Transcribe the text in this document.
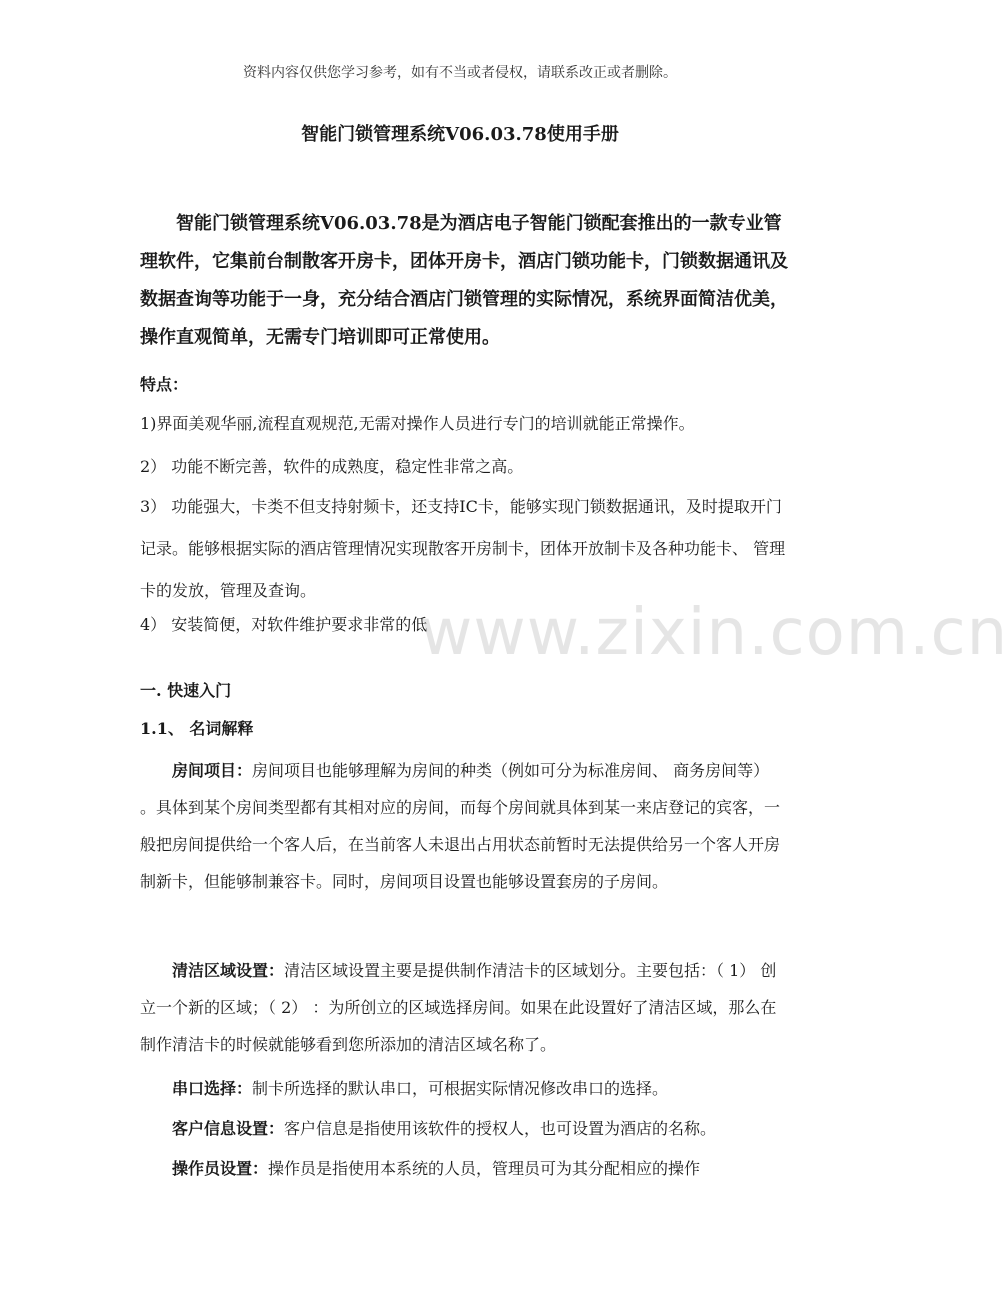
资料内容仅供您学习参考，如有不当或者侵权，请联系改正或者删除。
智能门锁管理系统V06.03.78使用手册

智能门锁管理系统V06.03.78是为酒店电子智能门锁配套推出的一款专业管理软件，它集前台制散客开房卡，团体开房卡，酒店门锁功能卡，门锁数据通讯及数据查询等功能于一身，充分结合酒店门锁管理的实际情况，系统界面简洁优美，操作直观简单，无需专门培训即可正常使用。

特点：
1)界面美观华丽,流程直观规范,无需对操作人员进行专门的培训就能正常操作。
2） 功能不断完善，软件的成熟度，稳定性非常之高。

3） 功能强大，卡类不但支持射频卡，还支持IC卡，能够实现门锁数据通讯，及时提取开门记录。能够根据实际的酒店管理情况实现散客开房制卡，团体开放制卡及各种功能卡、 管理卡的发放，管理及查询。

4） 安装简便，对软件维护要求非常的低
一. 快速入门
1.1、 名词解释

房间项目：房间项目也能够理解为房间的种类（例如可分为标准房间、 商务房间等） 。具体到某个房间类型都有其相对应的房间，而每个房间就具体到某一来店登记的宾客，一般把房间提供给一个客人后，在当前客人未退出占用状态前暂时无法提供给另一个客人开房制新卡，但能够制兼容卡。同时，房间项目设置也能够设置套房的子房间。

清洁区域设置：清洁区域设置主要是提供制作清洁卡的区域划分。主要包括：（ 1） 创立一个新的区域；（ 2） ：为所创立的区域选择房间。如果在此设置好了清洁区域，那么在制作清洁卡的时候就能够看到您所添加的清洁区域名称了。

串口选择：制卡所选择的默认串口，可根据实际情况修改串口的选择。

客户信息设置：客户信息是指使用该软件的授权人，也可设置为酒店的名称。

操作员设置：操作员是指使用本系统的人员，管理员可为其分配相应的操作

www.zixin.com.cn
